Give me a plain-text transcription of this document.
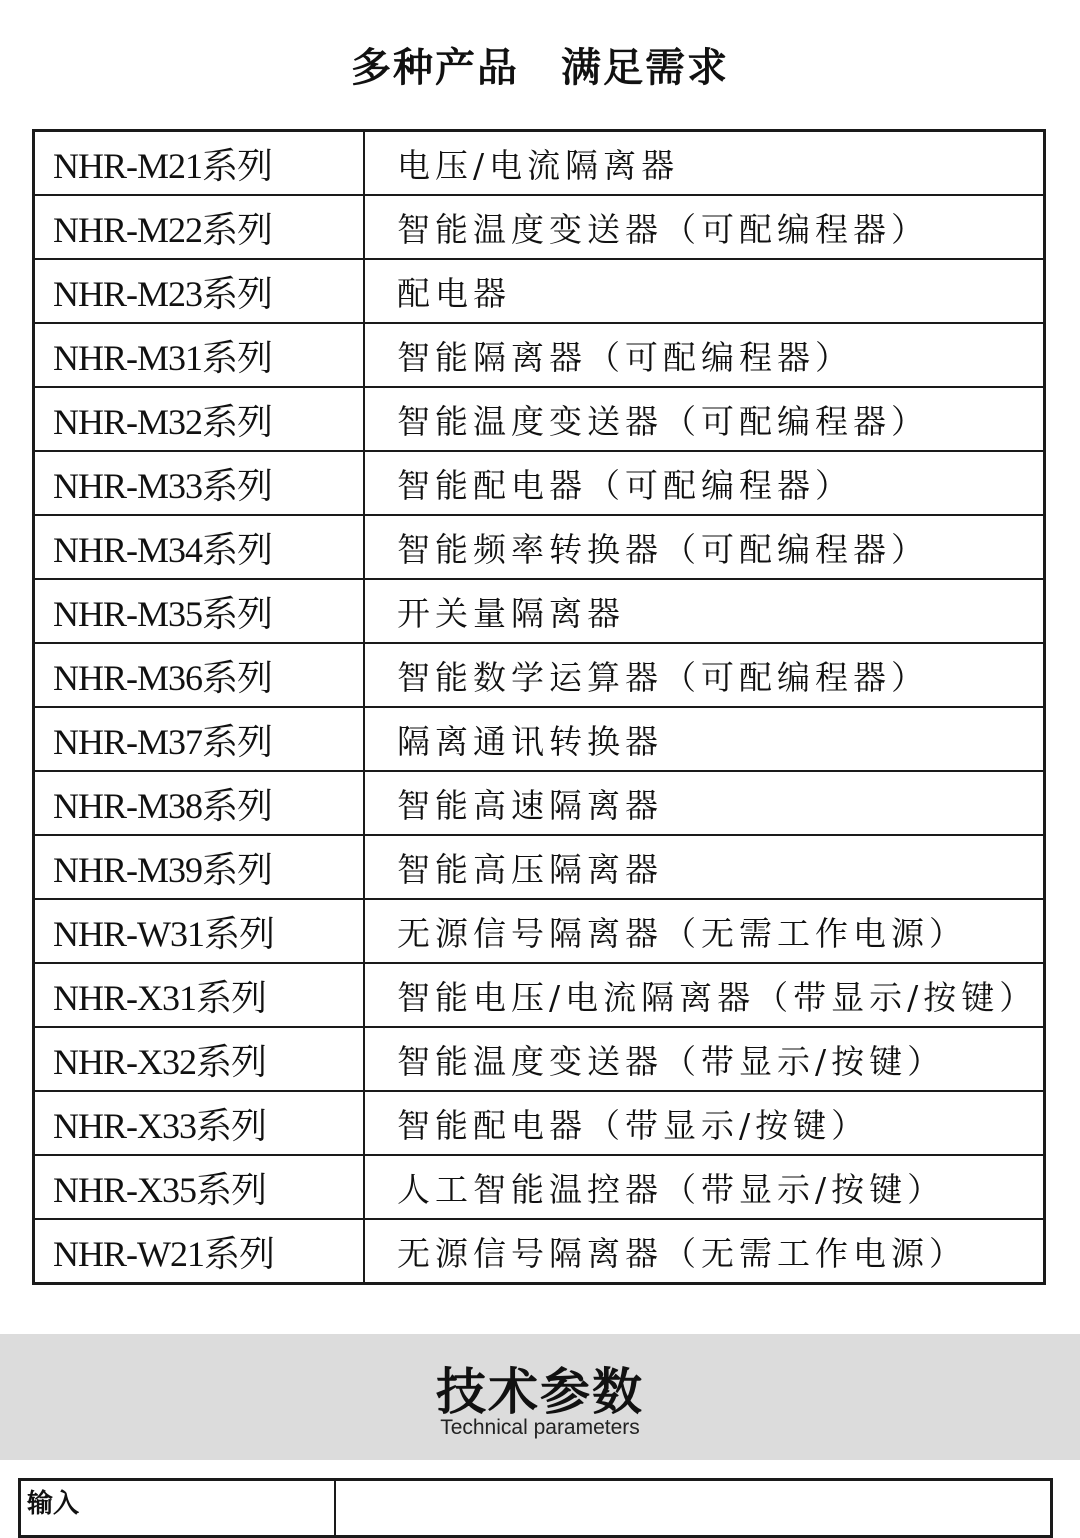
多种产品　满足需求
NHR-M21系列	电压/电流隔离器
NHR-M22系列	智能温度变送器（可配编程器）
NHR-M23系列	配电器
NHR-M31系列	智能隔离器（可配编程器）
NHR-M32系列	智能温度变送器（可配编程器）
NHR-M33系列	智能配电器（可配编程器）
NHR-M34系列	智能频率转换器（可配编程器）
NHR-M35系列	开关量隔离器
NHR-M36系列	智能数学运算器（可配编程器）
NHR-M37系列	隔离通讯转换器
NHR-M38系列	智能高速隔离器
NHR-M39系列	智能高压隔离器
NHR-W31系列	无源信号隔离器（无需工作电源）
NHR-X31系列	智能电压/电流隔离器（带显示/按键）
NHR-X32系列	智能温度变送器（带显示/按键）
NHR-X33系列	智能配电器（带显示/按键）
NHR-X35系列	人工智能温控器（带显示/按键）
NHR-W21系列	无源信号隔离器（无需工作电源）
技术参数
Technical parameters
输入
